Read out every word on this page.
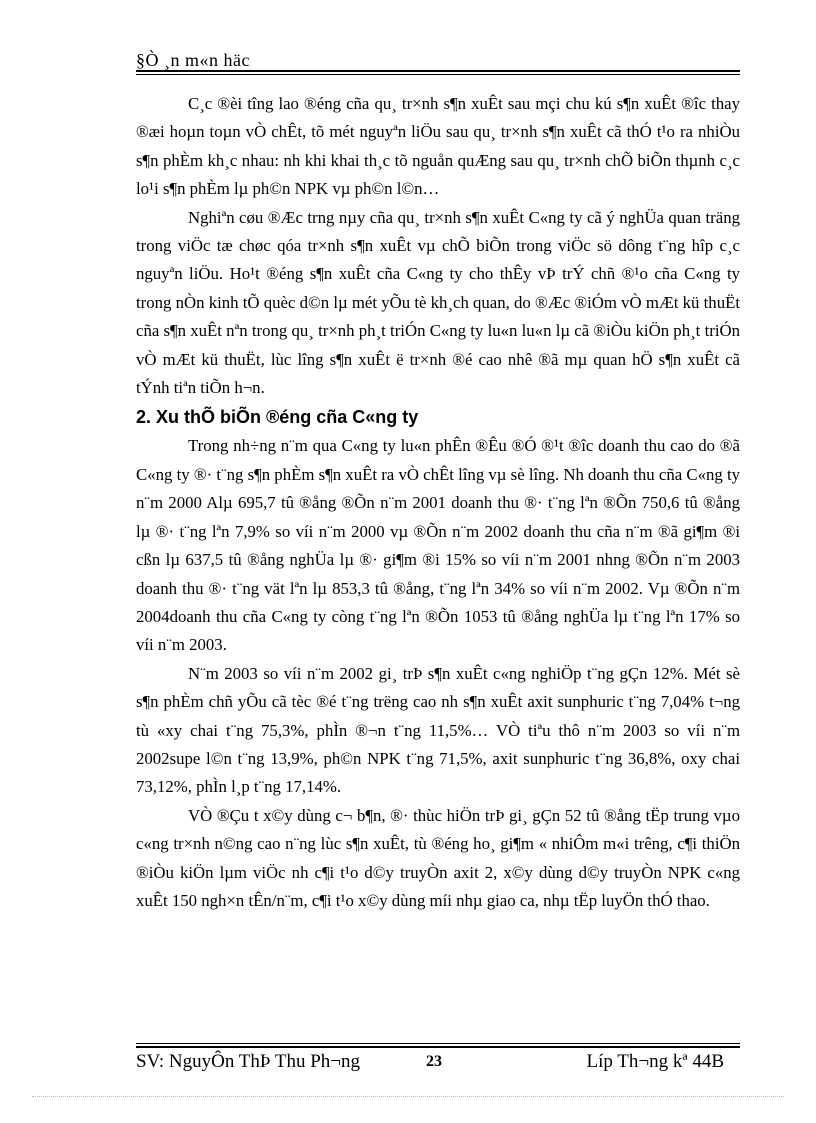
§Ò ¸n m«n häc

C¸c ®èi tîng lao ®éng cña qu¸ tr×nh s¶n xuÊt sau mçi chu kú s¶n xuÊt ®îc thay ®æi hoµn toµn vÒ chÊt, tõ mét nguyªn liÖu sau qu¸ tr×nh s¶n xuÊt cã thÓ t¹o ra nhiÒu s¶n phÈm kh¸c nhau: nh khi khai th¸c tõ nguån quÆng sau qu¸ tr×nh chÕ biÕn thµnh c¸c lo¹i s¶n phÈm lµ ph©n NPK vµ ph©n l©n…

Nghiªn cøu ®Æc trng nµy cña qu¸ tr×nh s¶n xuÊt C«ng ty cã ý nghÜa quan träng trong viÖc tæ chøc qóa tr×nh s¶n xuÊt vµ chÕ biÕn trong viÖc sö dông t¨ng hîp c¸c nguyªn liÖu. Ho¹t ®éng s¶n xuÊt cña C«ng ty cho thÊy vÞ trÝ chñ ®¹o cña C«ng ty trong nÒn kinh tÕ quèc d©n lµ mét yÕu tè kh¸ch quan, do ®Æc ®iÓm vÒ mÆt kü thuËt cña s¶n xuÊt nªn trong qu¸ tr×nh ph¸t triÓn C«ng ty lu«n lu«n lµ cã ®iÒu kiÖn ph¸t triÓn vÒ mÆt kü thuËt, lùc lîng s¶n xuÊt ë tr×nh ®é cao nhê ®ã mµ quan hÖ s¶n xuÊt cã tÝnh tiªn tiÕn h¬n.

2. Xu thÕ biÕn ®éng cña C«ng ty

Trong nh÷ng n¨m qua C«ng ty lu«n phÊn ®Êu ®Ó ®¹t ®îc doanh thu cao do ®ã C«ng ty ®· t¨ng s¶n phÈm s¶n xuÊt ra vÒ chÊt lîng vµ sè lîng. Nh doanh thu cña C«ng ty n¨m 2000 Alµ 695,7 tû ®ång ®Õn n¨m 2001 doanh thu ®· t¨ng lªn ®Õn 750,6 tû ®ång lµ ®· t¨ng lªn 7,9% so víi n¨m 2000 vµ ®Õn n¨m 2002 doanh thu cña n¨m ®ã gi¶m ®i cßn lµ 637,5 tû ®ång nghÜa lµ ®· gi¶m ®i 15% so víi n¨m 2001 nhng ®Õn n¨m 2003 doanh thu ®· t¨ng vät lªn lµ 853,3 tû ®ång, t¨ng lªn 34% so víi n¨m 2002. Vµ ®Õn n¨m 2004doanh thu cña C«ng ty còng t¨ng lªn ®Õn 1053 tû ®ång nghÜa lµ t¨ng lªn 17% so víi n¨m 2003.

N¨m 2003 so víi n¨m 2002 gi¸ trÞ s¶n xuÊt c«ng nghiÖp t¨ng gÇn 12%. Mét sè s¶n phÈm chñ yÕu cã tèc ®é t¨ng trëng cao nh s¶n xuÊt axit sunphuric t¨ng 7,04% t¬ng tù «xy chai t¨ng 75,3%, phÌn ®¬n t¨ng 11,5%… VÒ tiªu thô n¨m 2003 so víi n¨m 2002supe l©n t¨ng 13,9%, ph©n NPK t¨ng 71,5%, axit sunphuric t¨ng 36,8%, oxy chai 73,12%, phÌn l¸p t¨ng 17,14%.

VÒ ®Çu t x©y dùng c¬ b¶n, ®· thùc hiÖn trÞ gi¸ gÇn 52 tû ®ång tËp trung vµo c«ng tr×nh n©ng cao n¨ng lùc s¶n xuÊt, tù ®éng ho¸ gi¶m « nhiÔm m«i trêng, c¶i thiÖn ®iÒu kiÖn lµm viÖc nh c¶i t¹o d©y truyÒn axit 2, x©y dùng d©y truyÒn NPK c«ng xuÊt 150 ngh×n tÊn/n¨m, c¶i t¹o x©y dùng míi nhµ giao ca, nhµ tËp luyÖn thÓ thao.

SV: NguyÔn ThÞ Thu Ph¬ng	23	Líp Th¬ng kª 44B
